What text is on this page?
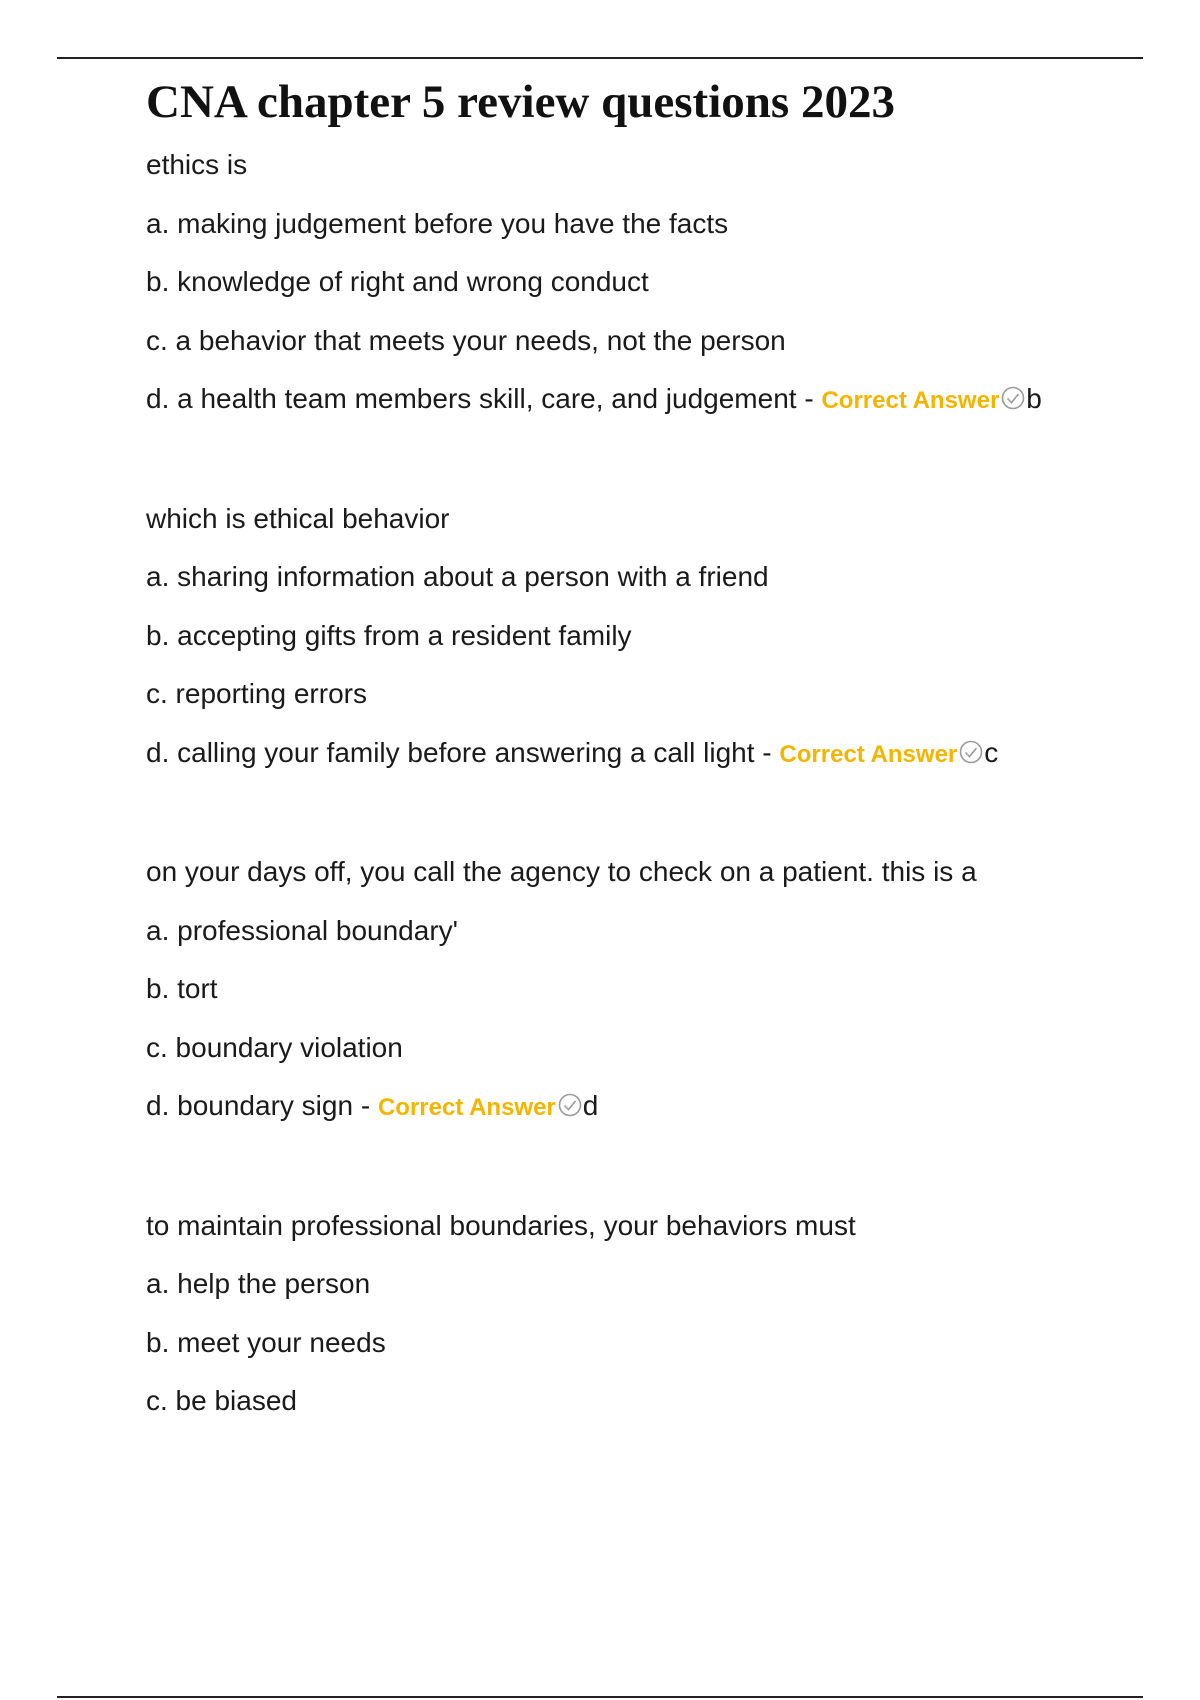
CNA chapter 5 review questions 2023
ethics is
a. making judgement before you have the facts
b. knowledge of right and wrong conduct
c. a behavior that meets your needs, not the person
d. a health team members skill, care, and judgement - Correct Answer b
which is ethical behavior
a. sharing information about a person with a friend
b. accepting gifts from a resident family
c. reporting errors
d. calling your family before answering a call light - Correct Answer c
on your days off, you call the agency to check on a patient. this is a
a. professional boundary'
b. tort
c. boundary violation
d. boundary sign - Correct Answer d
to maintain professional boundaries, your behaviors must
a. help the person
b. meet your needs
c. be biased
